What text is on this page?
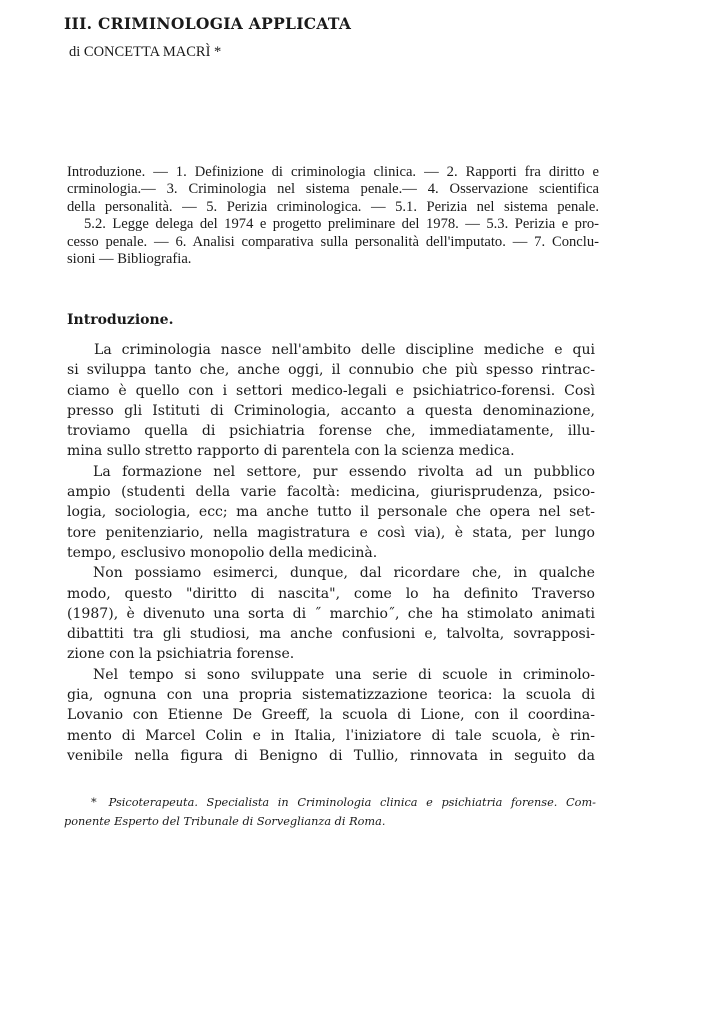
III. CRIMINOLOGIA APPLICATA
di CONCETTA MACRÌ *
Introduzione. — 1. Definizione di criminologia clinica. — 2. Rapporti fra diritto e
crminologia.— 3. Criminologia nel sistema penale.— 4. Osservazione scientifica
della personalità. — 5. Perizia criminologica. — 5.1. Perizia nel sistema penale.
5.2. Legge delega del 1974 e progetto preliminare del 1978. — 5.3. Perizia e pro-
cesso penale. — 6. Analisi comparativa sulla personalità dell'imputato. — 7. Conclu-
sioni — Bibliografia.
Introduzione.
La criminologia nasce nell'ambito delle discipline mediche e qui
si sviluppa tanto che, anche oggi, il connubio che più spesso rintrac-
ciamo è quello con i settori medico-legali e psichiatrico-forensi. Così
presso gli Istituti di Criminologia, accanto a questa denominazione,
troviamo quella di psichiatria forense che, immediatamente, illu-
mina sullo stretto rapporto di parentela con la scienza medica.
La formazione nel settore, pur essendo rivolta ad un pubblico
ampio (studenti della varie facoltà: medicina, giurisprudenza, psico-
logia, sociologia, ecc; ma anche tutto il personale che opera nel set-
tore penitenziario, nella magistratura e così via), è stata, per lungo
tempo, esclusivo monopolio della medicinà.
Non possiamo esimerci, dunque, dal ricordare che, in qualche
modo, questo "diritto di nascita", come lo ha definito Traverso
(1987), è divenuto una sorta di ˝ marchio˝, che ha stimolato animati
dibattiti tra gli studiosi, ma anche confusioni e, talvolta, sovrapposi-
zione con la psichiatria forense.
Nel tempo si sono sviluppate una serie di scuole in criminolo-
gia, ognuna con una propria sistematizzazione teorica: la scuola di
Lovanio con Etienne De Greeff, la scuola di Lione, con il coordina-
mento di Marcel Colin e in Italia, lˈiniziatore di tale scuola, è rin-
venibile nella figura di Benigno di Tullio, rinnovata in seguito da
* Psicoterapeuta. Specialista in Criminologia clinica e psichiatria forense. Com-
ponente Esperto del Tribunale di Sorveglianza di Roma.
